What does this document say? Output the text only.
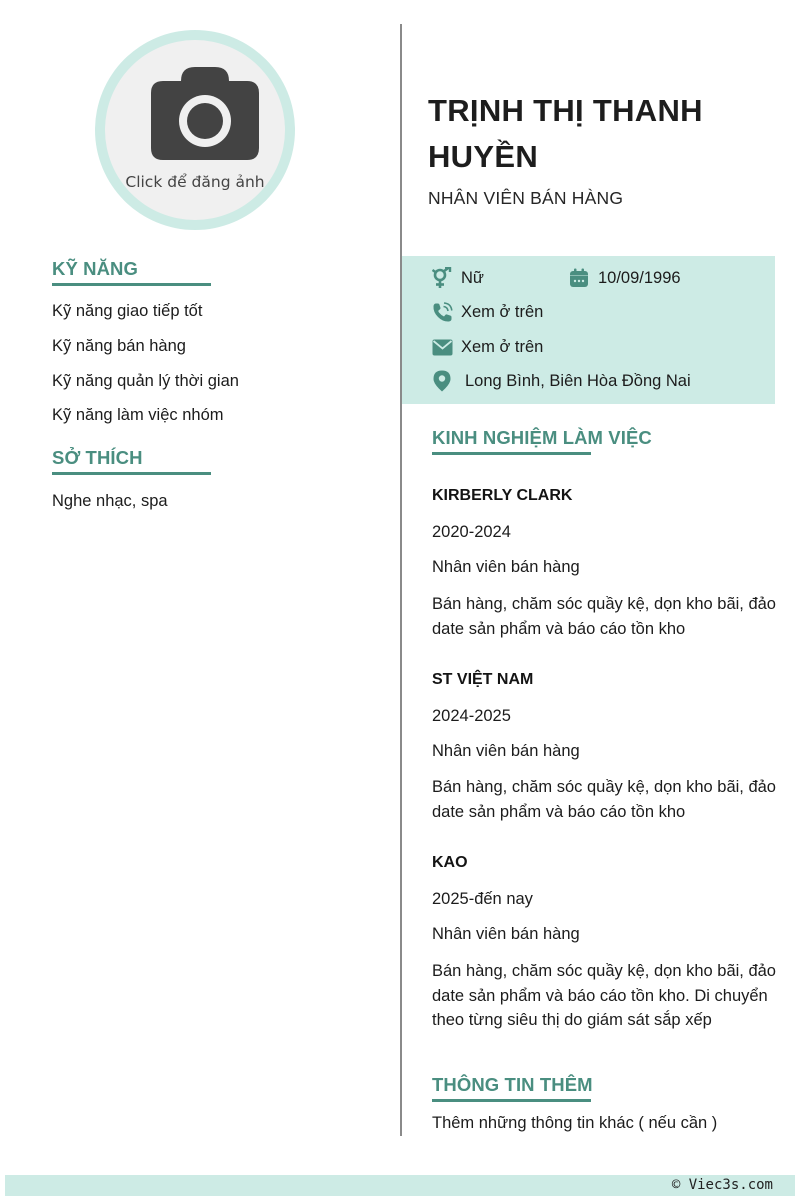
Click để đăng ảnh
KỸ NĂNG
Kỹ năng giao tiếp tốt
Kỹ năng bán hàng
Kỹ năng quản lý thời gian
Kỹ năng làm việc nhóm
SỞ THÍCH
Nghe nhạc, spa
TRỊNH THỊ THANH HUYỀN
NHÂN VIÊN BÁN HÀNG
Nữ	10/09/1996
Xem ở trên
Xem ở trên
Long Bình, Biên Hòa Đồng Nai
KINH NGHIỆM LÀM VIỆC
KIRBERLY CLARK
2020-2024
Nhân viên bán hàng
Bán hàng, chăm sóc quầy kệ, dọn kho bãi, đảo date sản phẩm và báo cáo tồn kho
ST VIỆT NAM
2024-2025
Nhân viên bán hàng
Bán hàng, chăm sóc quầy kệ, dọn kho bãi, đảo date sản phẩm và báo cáo tồn kho
KAO
2025-đến nay
Nhân viên bán hàng
Bán hàng, chăm sóc quầy kệ, dọn kho bãi, đảo date sản phẩm và báo cáo tồn kho. Di chuyển theo từng siêu thị do giám sát sắp xếp
THÔNG TIN THÊM
Thêm những thông tin khác ( nếu cần )
© Viec3s.com
